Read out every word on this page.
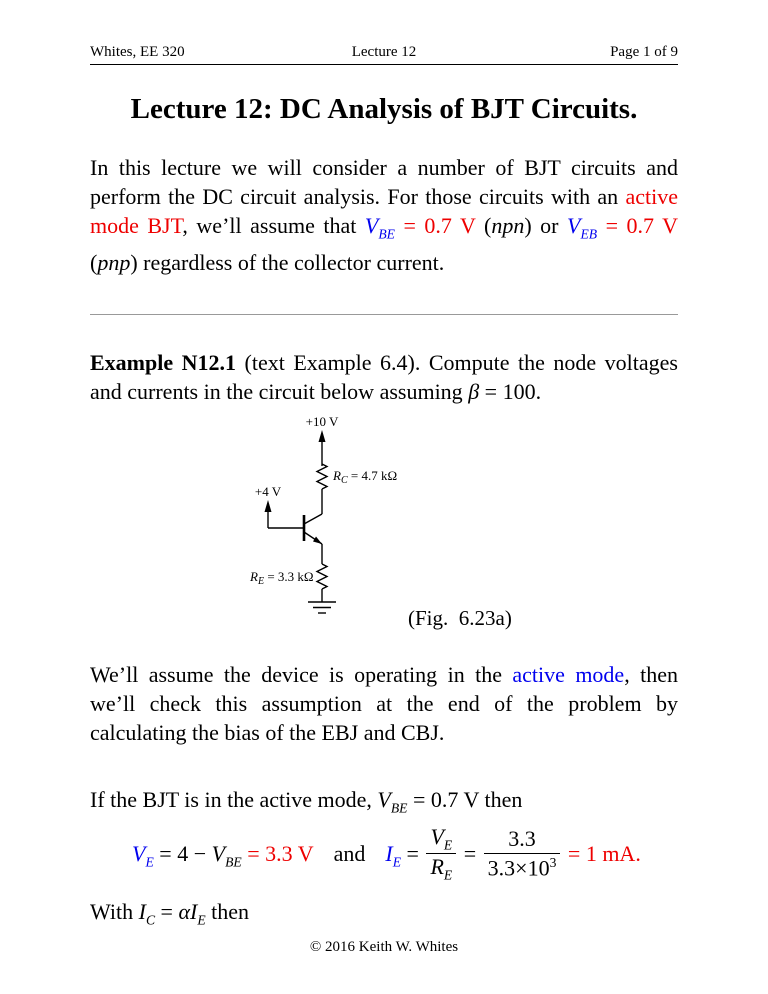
Whites, EE 320	Lecture 12	Page 1 of 9
Lecture 12: DC Analysis of BJT Circuits.

In this lecture we will consider a number of BJT circuits and perform the DC circuit analysis. For those circuits with an active mode BJT, we’ll assume that $V_{BE} = 0.7$ V (npn) or $V_{EB} = 0.7$ V (pnp) regardless of the collector current.

Example N12.1 (text Example 6.4). Compute the node voltages and currents in the circuit below assuming β = 100.

+10 V
+4 V
$R_C = 4.7$ kΩ
$R_E = 3.3$ kΩ
(Fig.  6.23a)

We’ll assume the device is operating in the active mode, then we’ll check this assumption at the end of the problem by calculating the bias of the EBJ and CBJ.

If the BJT is in the active mode, $V_{BE} = 0.7$ V then

$V_E = 4 - V_{BE} = 3.3$ V and $I_E = \frac{V_E}{R_E} = \frac{3.3}{3.3\times 10^3} = 1$ mA.

With $I_C = \alpha I_E$ then

© 2016 Keith W. Whites
